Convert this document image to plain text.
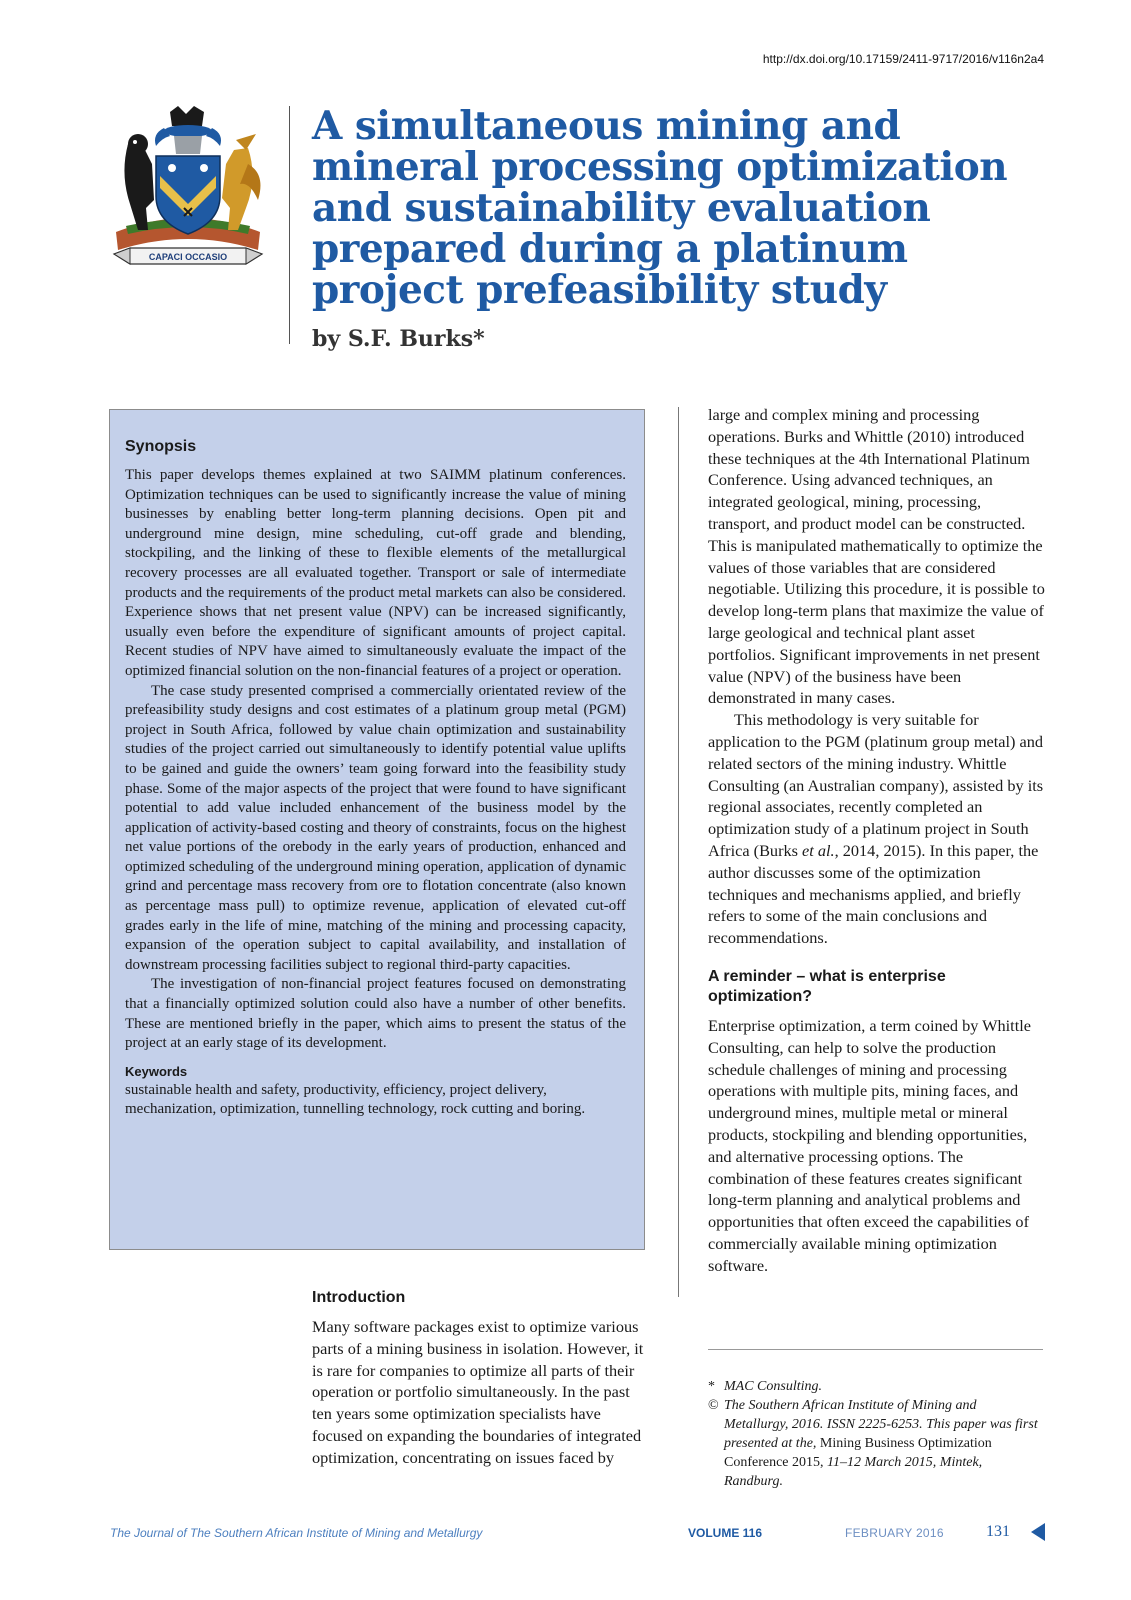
http://dx.doi.org/10.17159/2411-9717/2016/v116n2a4
CAPACI OCCASIO
A simultaneous mining and mineral processing optimization and sustainability evaluation prepared during a platinum project prefeasibility study
by S.F. Burks*
Synopsis

This paper develops themes explained at two SAIMM platinum conferences. Optimization techniques can be used to significantly increase the value of mining businesses by enabling better long-term planning decisions. Open pit and underground mine design, mine scheduling, cut-off grade and blending, stockpiling, and the linking of these to flexible elements of the metallurgical recovery processes are all evaluated together. Transport or sale of intermediate products and the requirements of the product metal markets can also be considered. Experience shows that net present value (NPV) can be increased significantly, usually even before the expenditure of significant amounts of project capital. Recent studies of NPV have aimed to simultaneously evaluate the impact of the optimized financial solution on the non-financial features of a project or operation.

The case study presented comprised a commercially orientated review of the prefeasibility study designs and cost estimates of a platinum group metal (PGM) project in South Africa, followed by value chain optimization and sustainability studies of the project carried out simultaneously to identify potential value uplifts to be gained and guide the owners’ team going forward into the feasibility study phase. Some of the major aspects of the project that were found to have significant potential to add value included enhancement of the business model by the application of activity-based costing and theory of constraints, focus on the highest net value portions of the orebody in the early years of production, enhanced and optimized scheduling of the underground mining operation, application of dynamic grind and percentage mass recovery from ore to flotation concentrate (also known as percentage mass pull) to optimize revenue, application of elevated cut-off grades early in the life of mine, matching of the mining and processing capacity, expansion of the operation subject to capital availability, and installation of downstream processing facilities subject to regional third-party capacities.

The investigation of non-financial project features focused on demonstrating that a financially optimized solution could also have a number of other benefits. These are mentioned briefly in the paper, which aims to present the status of the project at an early stage of its development.

Keywords

sustainable health and safety, productivity, efficiency, project delivery, mechanization, optimization, tunnelling technology, rock cutting and boring.

Introduction

Many software packages exist to optimize various parts of a mining business in isolation. However, it is rare for companies to optimize all parts of their operation or portfolio simultaneously. In the past ten years some optimization specialists have focused on expanding the boundaries of integrated optimization, concentrating on issues faced by

large and complex mining and processing operations. Burks and Whittle (2010) introduced these techniques at the 4th International Platinum Conference. Using advanced techniques, an integrated geological, mining, processing, transport, and product model can be constructed. This is manipulated mathematically to optimize the values of those variables that are considered negotiable. Utilizing this procedure, it is possible to develop long-term plans that maximize the value of large geological and technical plant asset portfolios. Significant improvements in net present value (NPV) of the business have been demonstrated in many cases.

This methodology is very suitable for application to the PGM (platinum group metal) and related sectors of the mining industry. Whittle Consulting (an Australian company), assisted by its regional associates, recently completed an optimization study of a platinum project in South Africa (Burks et al., 2014, 2015). In this paper, the author discusses some of the optimization techniques and mechanisms applied, and briefly refers to some of the main conclusions and recommendations.

A reminder – what is enterprise optimization?

Enterprise optimization, a term coined by Whittle Consulting, can help to solve the production schedule challenges of mining and processing operations with multiple pits, mining faces, and underground mines, multiple metal or mineral products, stockpiling and blending opportunities, and alternative processing options. The combination of these features creates significant long-term planning and analytical problems and opportunities that often exceed the capabilities of commercially available mining optimization software.

* MAC Consulting.

© The Southern African Institute of Mining and Metallurgy, 2016. ISSN 2225-6253. This paper was first presented at the, Mining Business Optimization Conference 2015, 11–12 March 2015, Mintek, Randburg.

The Journal of The Southern African Institute of Mining and Metallurgy	VOLUME 116	FEBRUARY 2016	131
